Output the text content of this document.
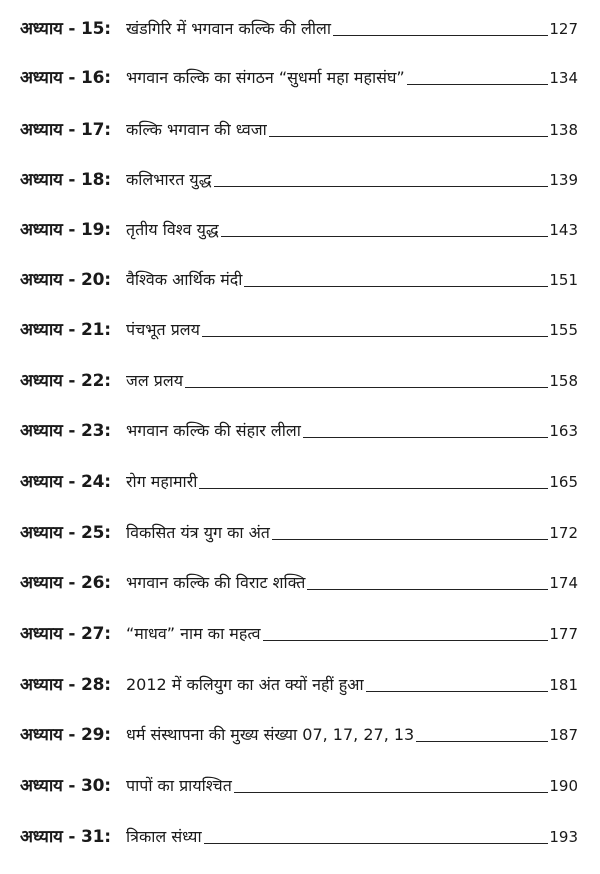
अध्याय - 15: खंडगिरि में भगवान कल्कि की लीला	127
अध्याय - 16: भगवान कल्कि का संगठन “सुधर्मा महा महासंघ”	134
अध्याय - 17: कल्कि भगवान की ध्वजा	138
अध्याय - 18: कलिभारत युद्ध	139
अध्याय - 19: तृतीय विश्व युद्ध	143
अध्याय - 20: वैश्विक आर्थिक मंदी	151
अध्याय - 21: पंचभूत प्रलय	155
अध्याय - 22: जल प्रलय	158
अध्याय - 23: भगवान कल्कि की संहार लीला	163
अध्याय - 24: रोग महामारी	165
अध्याय - 25: विकसित यंत्र युग का अंत	172
अध्याय - 26: भगवान कल्कि की विराट शक्ति	174
अध्याय - 27: “माधव” नाम का महत्व	177
अध्याय - 28: 2012 में कलियुग का अंत क्यों नहीं हुआ	181
अध्याय - 29: धर्म संस्थापना की मुख्य संख्या 07, 17, 27, 13	187
अध्याय - 30: पापों का प्रायश्चित	190
अध्याय - 31: त्रिकाल संध्या	193
